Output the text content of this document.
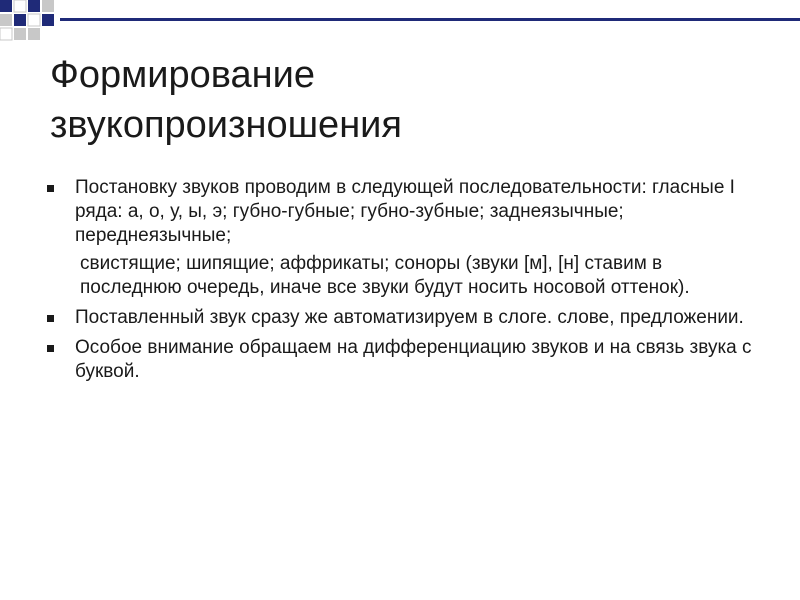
Формирование
звукопроизношения
Постановку звуков проводим в следующей последовательности: гласные I ряда: а, о, у, ы, э; губно-губные; губно-зубные; заднеязычные; переднеязычные;
свистящие; шипящие; аффрикаты; соноры (звуки [м], [н] ставим в последнюю очередь, иначе все звуки будут носить носовой оттенок).
Поставленный звук сразу же автоматизируем в слоге. слове, предложении.
Особое внимание обращаем на дифференциацию звуков и на связь звука с буквой.
